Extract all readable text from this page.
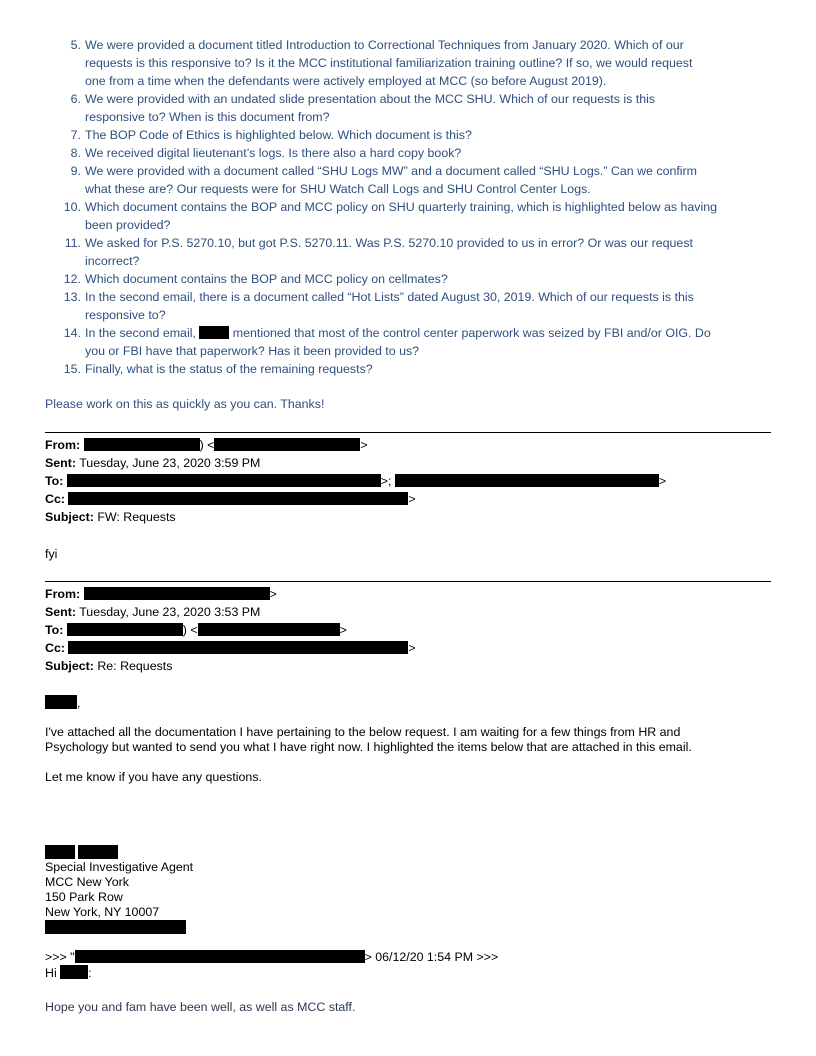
5. We were provided a document titled Introduction to Correctional Techniques from January 2020. Which of our
requests is this responsive to? Is it the MCC institutional familiarization training outline? If so, we would request
one from a time when the defendants were actively employed at MCC (so before August 2019).
6. We were provided with an undated slide presentation about the MCC SHU. Which of our requests is this
responsive to? When is this document from?
7. The BOP Code of Ethics is highlighted below. Which document is this?
8. We received digital lieutenant’s logs. Is there also a hard copy book?
9. We were provided with a document called “SHU Logs MW” and a document called “SHU Logs.” Can we confirm
what these are? Our requests were for SHU Watch Call Logs and SHU Control Center Logs.
10. Which document contains the BOP and MCC policy on SHU quarterly training, which is highlighted below as having
been provided?
11. We asked for P.S. 5270.10, but got P.S. 5270.11. Was P.S. 5270.10 provided to us in error? Or was our request
incorrect?
12. Which document contains the BOP and MCC policy on cellmates?
13. In the second email, there is a document called “Hot Lists” dated August 30, 2019. Which of our requests is this
responsive to?
14. In the second email,	mentioned that most of the control center paperwork was seized by FBI and/or OIG. Do
you or FBI have that paperwork? Has it been provided to us?
15. Finally, what is the status of the remaining requests?
Please work on this as quickly as you can. Thanks!
From:	) <	>
Sent: Tuesday, June 23, 2020 3:59 PM
To:	>;	>
Cc:	>
Subject: FW: Requests
fyi
From:	>
Sent: Tuesday, June 23, 2020 3:53 PM
To:	) <	>
Cc:	>
Subject: Re: Requests
,
I've attached all the documentation I have pertaining to the below request. I am waiting for a few things from HR and
Psychology but wanted to send you what I have right now. I highlighted the items below that are attached in this email.
Let me know if you have any questions.

Special Investigative Agent
MCC New York
150 Park Row
New York, NY 10007
>>> "	> 06/12/20 1:54 PM >>>
Hi	:
Hope you and fam have been well, as well as MCC staff.
